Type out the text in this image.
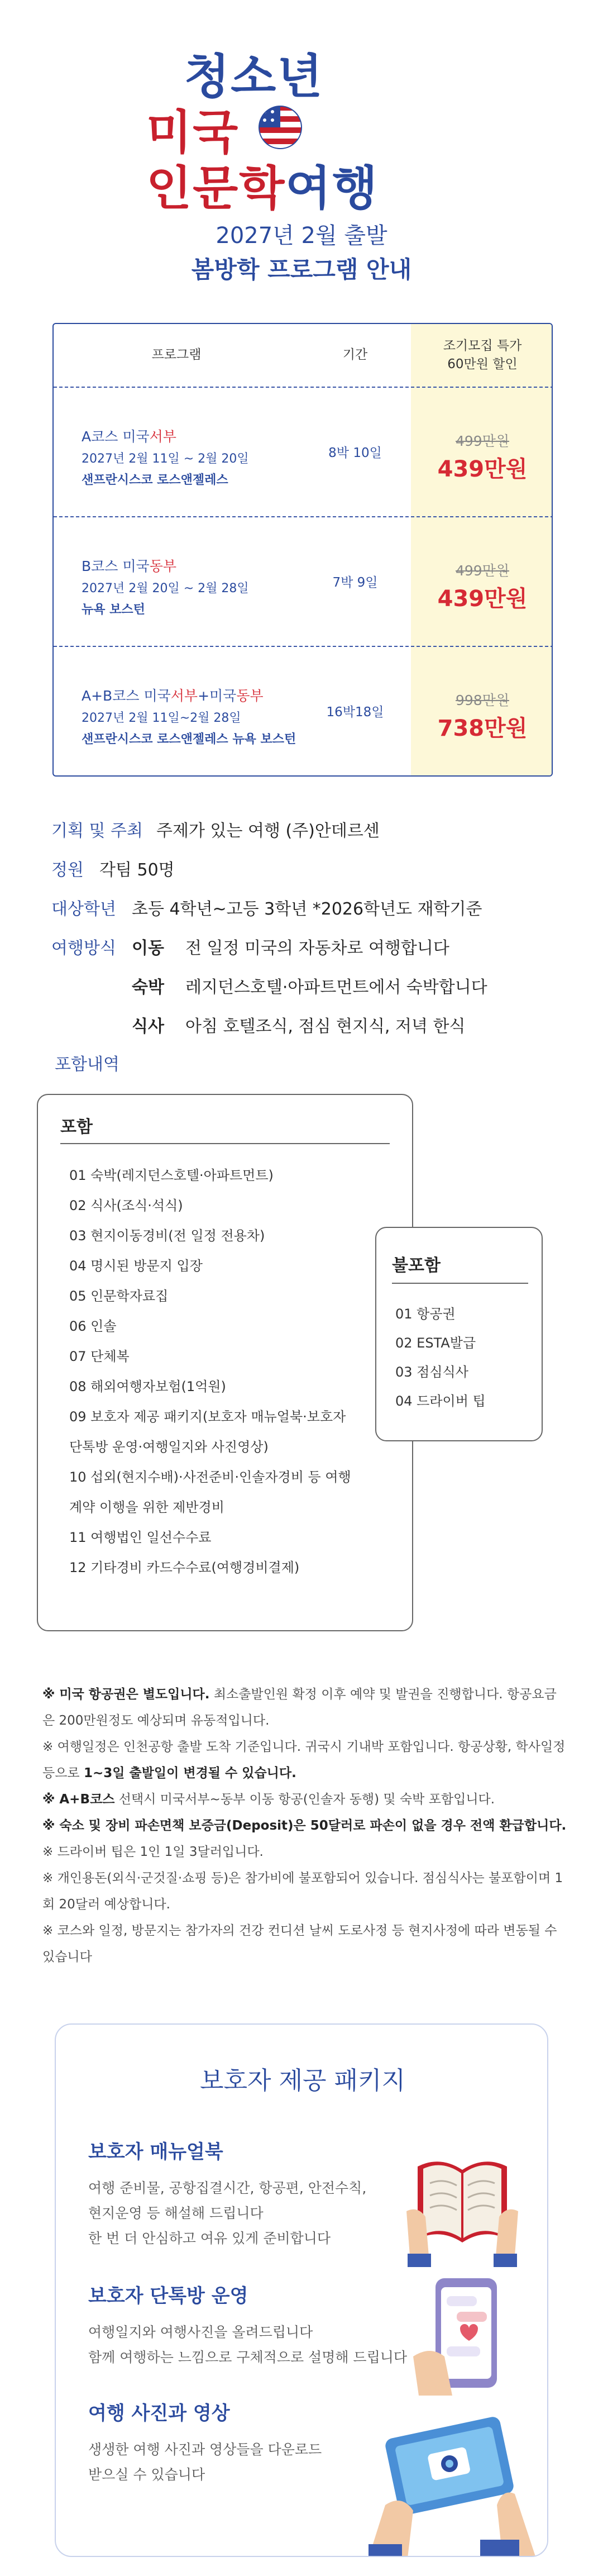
청소년
미국
인문학여행
2027년 2월 출발
봄방학 프로그램 안내
프로그램	기간
조기모집 특가
60만원 할인
A코스 미국서부
2027년 2월 11일 ~ 2월 20일
샌프란시스코 로스앤젤레스
8박 10일
499만원
439만원
B코스 미국동부
2027년 2월 20일 ~ 2월 28일
뉴욕 보스턴
7박 9일
499만원
439만원
A+B코스 미국서부+미국동부
2027년 2월 11일~2월 28일
샌프란시스코 로스앤젤레스 뉴욕 보스턴
16박18일
998만원
738만원
기획 및 주최 주제가 있는 여행 (주)안데르센
정원 각팀 50명
대상학년 초등 4학년~고등 3학년 *2026학년도 재학기준
여행방식 이동 전 일정 미국의 자동차로 여행합니다
숙박 레지던스호텔·아파트먼트에서 숙박합니다
식사 아침 호텔조식, 점심 현지식, 저녁 한식
포함내역
포함
01 숙박(레지던스호텔·아파트먼트)
02 식사(조식·석식)
03 현지이동경비(전 일정 전용차)
04 명시된 방문지 입장
05 인문학자료집
06 인솔
07 단체복
08 해외여행자보험(1억원)
09 보호자 제공 패키지(보호자 매뉴얼북·보호자
단톡방 운영·여행일지와 사진영상)
10 섭외(현지수배)·사전준비·인솔자경비 등 여행
계약 이행을 위한 제반경비
11 여행법인 일선수수료
12 기타경비 카드수수료(여행경비결제)
불포함
01 항공권
02 ESTA발급
03 점심식사
04 드라이버 팁

※ 미국 항공권은 별도입니다. 최소출발인원 확정 이후 예약 및 발권을 진행합니다. 항공요금은 200만원정도 예상되며 유동적입니다.

※ 여행일정은 인천공항 출발 도착 기준입니다. 귀국시 기내박 포함입니다. 항공상황, 학사일정 등으로 1~3일 출발일이 변경될 수 있습니다.

※ A+B코스 선택시 미국서부~동부 이동 항공(인솔자 동행) 및 숙박 포함입니다.

※ 숙소 및 장비 파손면책 보증금(Deposit)은 50달러로 파손이 없을 경우 전액 환급합니다.

※ 드라이버 팁은 1인 1일 3달러입니다.

※ 개인용돈(외식·군것질·쇼핑 등)은 참가비에 불포함되어 있습니다. 점심식사는 불포함이며 1회 20달러 예상합니다.

※ 코스와 일정, 방문지는 참가자의 건강 컨디션 날씨 도로사정 등 현지사정에 따라 변동될 수 있습니다

보호자 제공 패키지
보호자 매뉴얼북
여행 준비물, 공항집결시간, 항공편, 안전수칙,
현지운영 등 해설해 드립니다
한 번 더 안심하고 여유 있게 준비합니다
보호자 단톡방 운영
여행일지와 여행사진을 올려드립니다
함께 여행하는 느낌으로 구체적으로 설명해 드립니다
여행 사진과 영상
생생한 여행 사진과 영상들을 다운로드
받으실 수 있습니다
